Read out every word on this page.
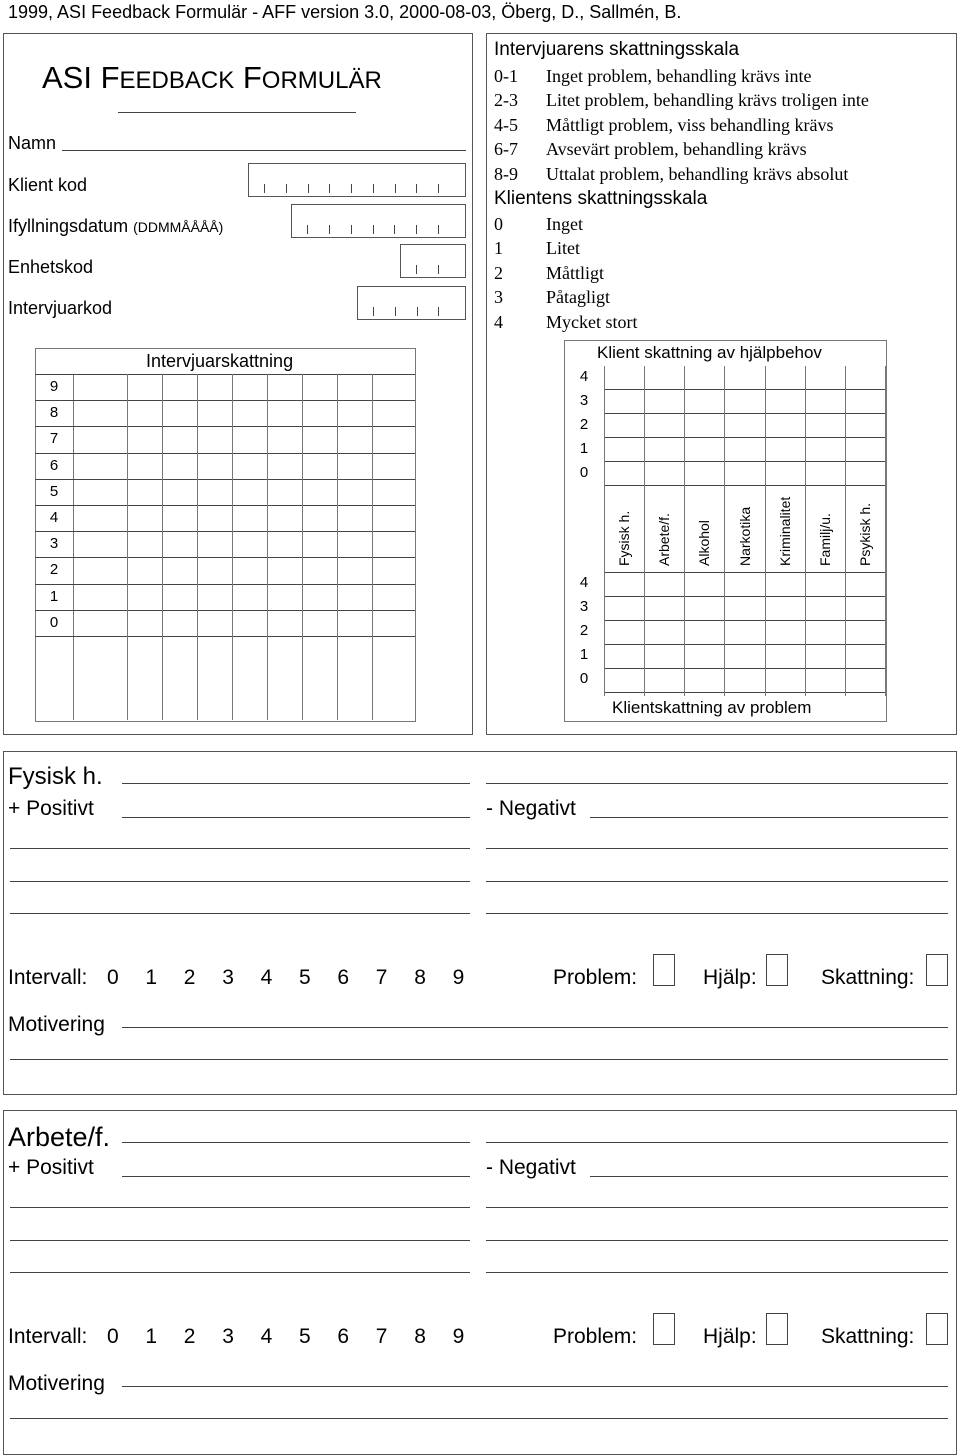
1999, ASI Feedback Formulär - AFF version 3.0, 2000-08-03, Öberg, D., Sallmén, B.
ASI FEEDBACK FORMULÄR
Namn
Klient kod
Ifyllningsdatum (DDMMÅÅÅÅ)
Enhetskod
Intervjuarkod
Intervjuarskattning
9
8
7
6
5
4
3
2
1
0
Intervjuarens skattningsskala
0-1 Inget problem, behandling krävs inte
2-3 Litet problem, behandling krävs troligen inte
4-5 Måttligt problem, viss behandling krävs
6-7 Avsevärt problem, behandling krävs
8-9 Uttalat problem, behandling krävs absolut
Klientens skattningsskala
0 Inget
1 Litet
2 Måttligt
3 Påtagligt
4 Mycket stort
Klient skattning av hjälpbehov
Klientskattning av problem
4
3
2
1
0
4
3
2
1
0
Fysisk h. Arbete/f. Alkohol Narkotika Kriminalitet Familj/u. Psykisk h.
Fysisk h.
+ Positivt	- Negativt
Intervall: 0 1 2 3 4 5 6 7 8 9	Problem:	Hjälp:	Skattning:
Motivering
Arbete/f.
+ Positivt	- Negativt
Intervall: 0 1 2 3 4 5 6 7 8 9	Problem:	Hjälp:	Skattning:
Motivering
